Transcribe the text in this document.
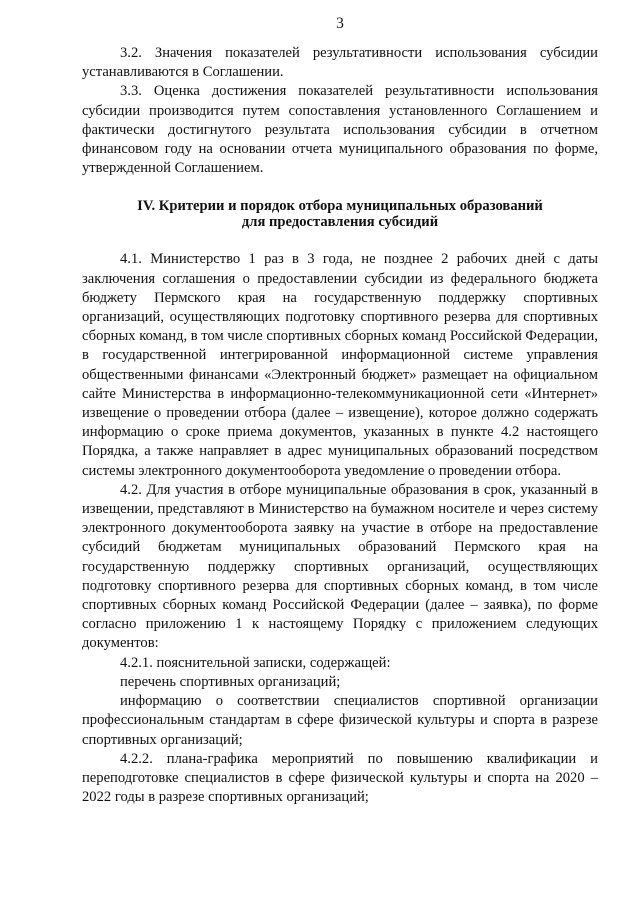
3

3.2. Значения показателей результативности использования субсидии устанавливаются в Соглашении.

3.3. Оценка достижения показателей результативности использования субсидии производится путем сопоставления установленного Соглашением и фактически достигнутого результата использования субсидии в отчетном финансовом году на основании отчета муниципального образования по форме, утвержденной Соглашением.

IV. Критерии и порядок отбора муниципальных образований
для предоставления субсидий

4.1. Министерство 1 раз в 3 года, не позднее 2 рабочих дней с даты заключения соглашения о предоставлении субсидии из федерального бюджета бюджету Пермского края на государственную поддержку спортивных организаций, осуществляющих подготовку спортивного резерва для спортивных сборных команд, в том числе спортивных сборных команд Российской Федерации, в государственной интегрированной информационной системе управления общественными финансами «Электронный бюджет» размещает на официальном сайте Министерства в информационно-телекоммуникационной сети «Интернет» извещение о проведении отбора (далее – извещение), которое должно содержать информацию о сроке приема документов, указанных в пункте 4.2 настоящего Порядка, а также направляет в адрес муниципальных образований посредством системы электронного документооборота уведомление о проведении отбора.

4.2. Для участия в отборе муниципальные образования в срок, указанный в извещении, представляют в Министерство на бумажном носителе и через систему электронного документооборота заявку на участие в отборе на предоставление субсидий бюджетам муниципальных образований Пермского края на государственную поддержку спортивных организаций, осуществляющих подготовку спортивного резерва для спортивных сборных команд, в том числе спортивных сборных команд Российской Федерации (далее – заявка), по форме согласно приложению 1 к настоящему Порядку с приложением следующих документов:

4.2.1. пояснительной записки, содержащей:

перечень спортивных организаций;

информацию о соответствии специалистов спортивной организации профессиональным стандартам в сфере физической культуры и спорта в разрезе спортивных организаций;

4.2.2. плана-графика мероприятий по повышению квалификации и переподготовке специалистов в сфере физической культуры и спорта на 2020 – 2022 годы в разрезе спортивных организаций;
